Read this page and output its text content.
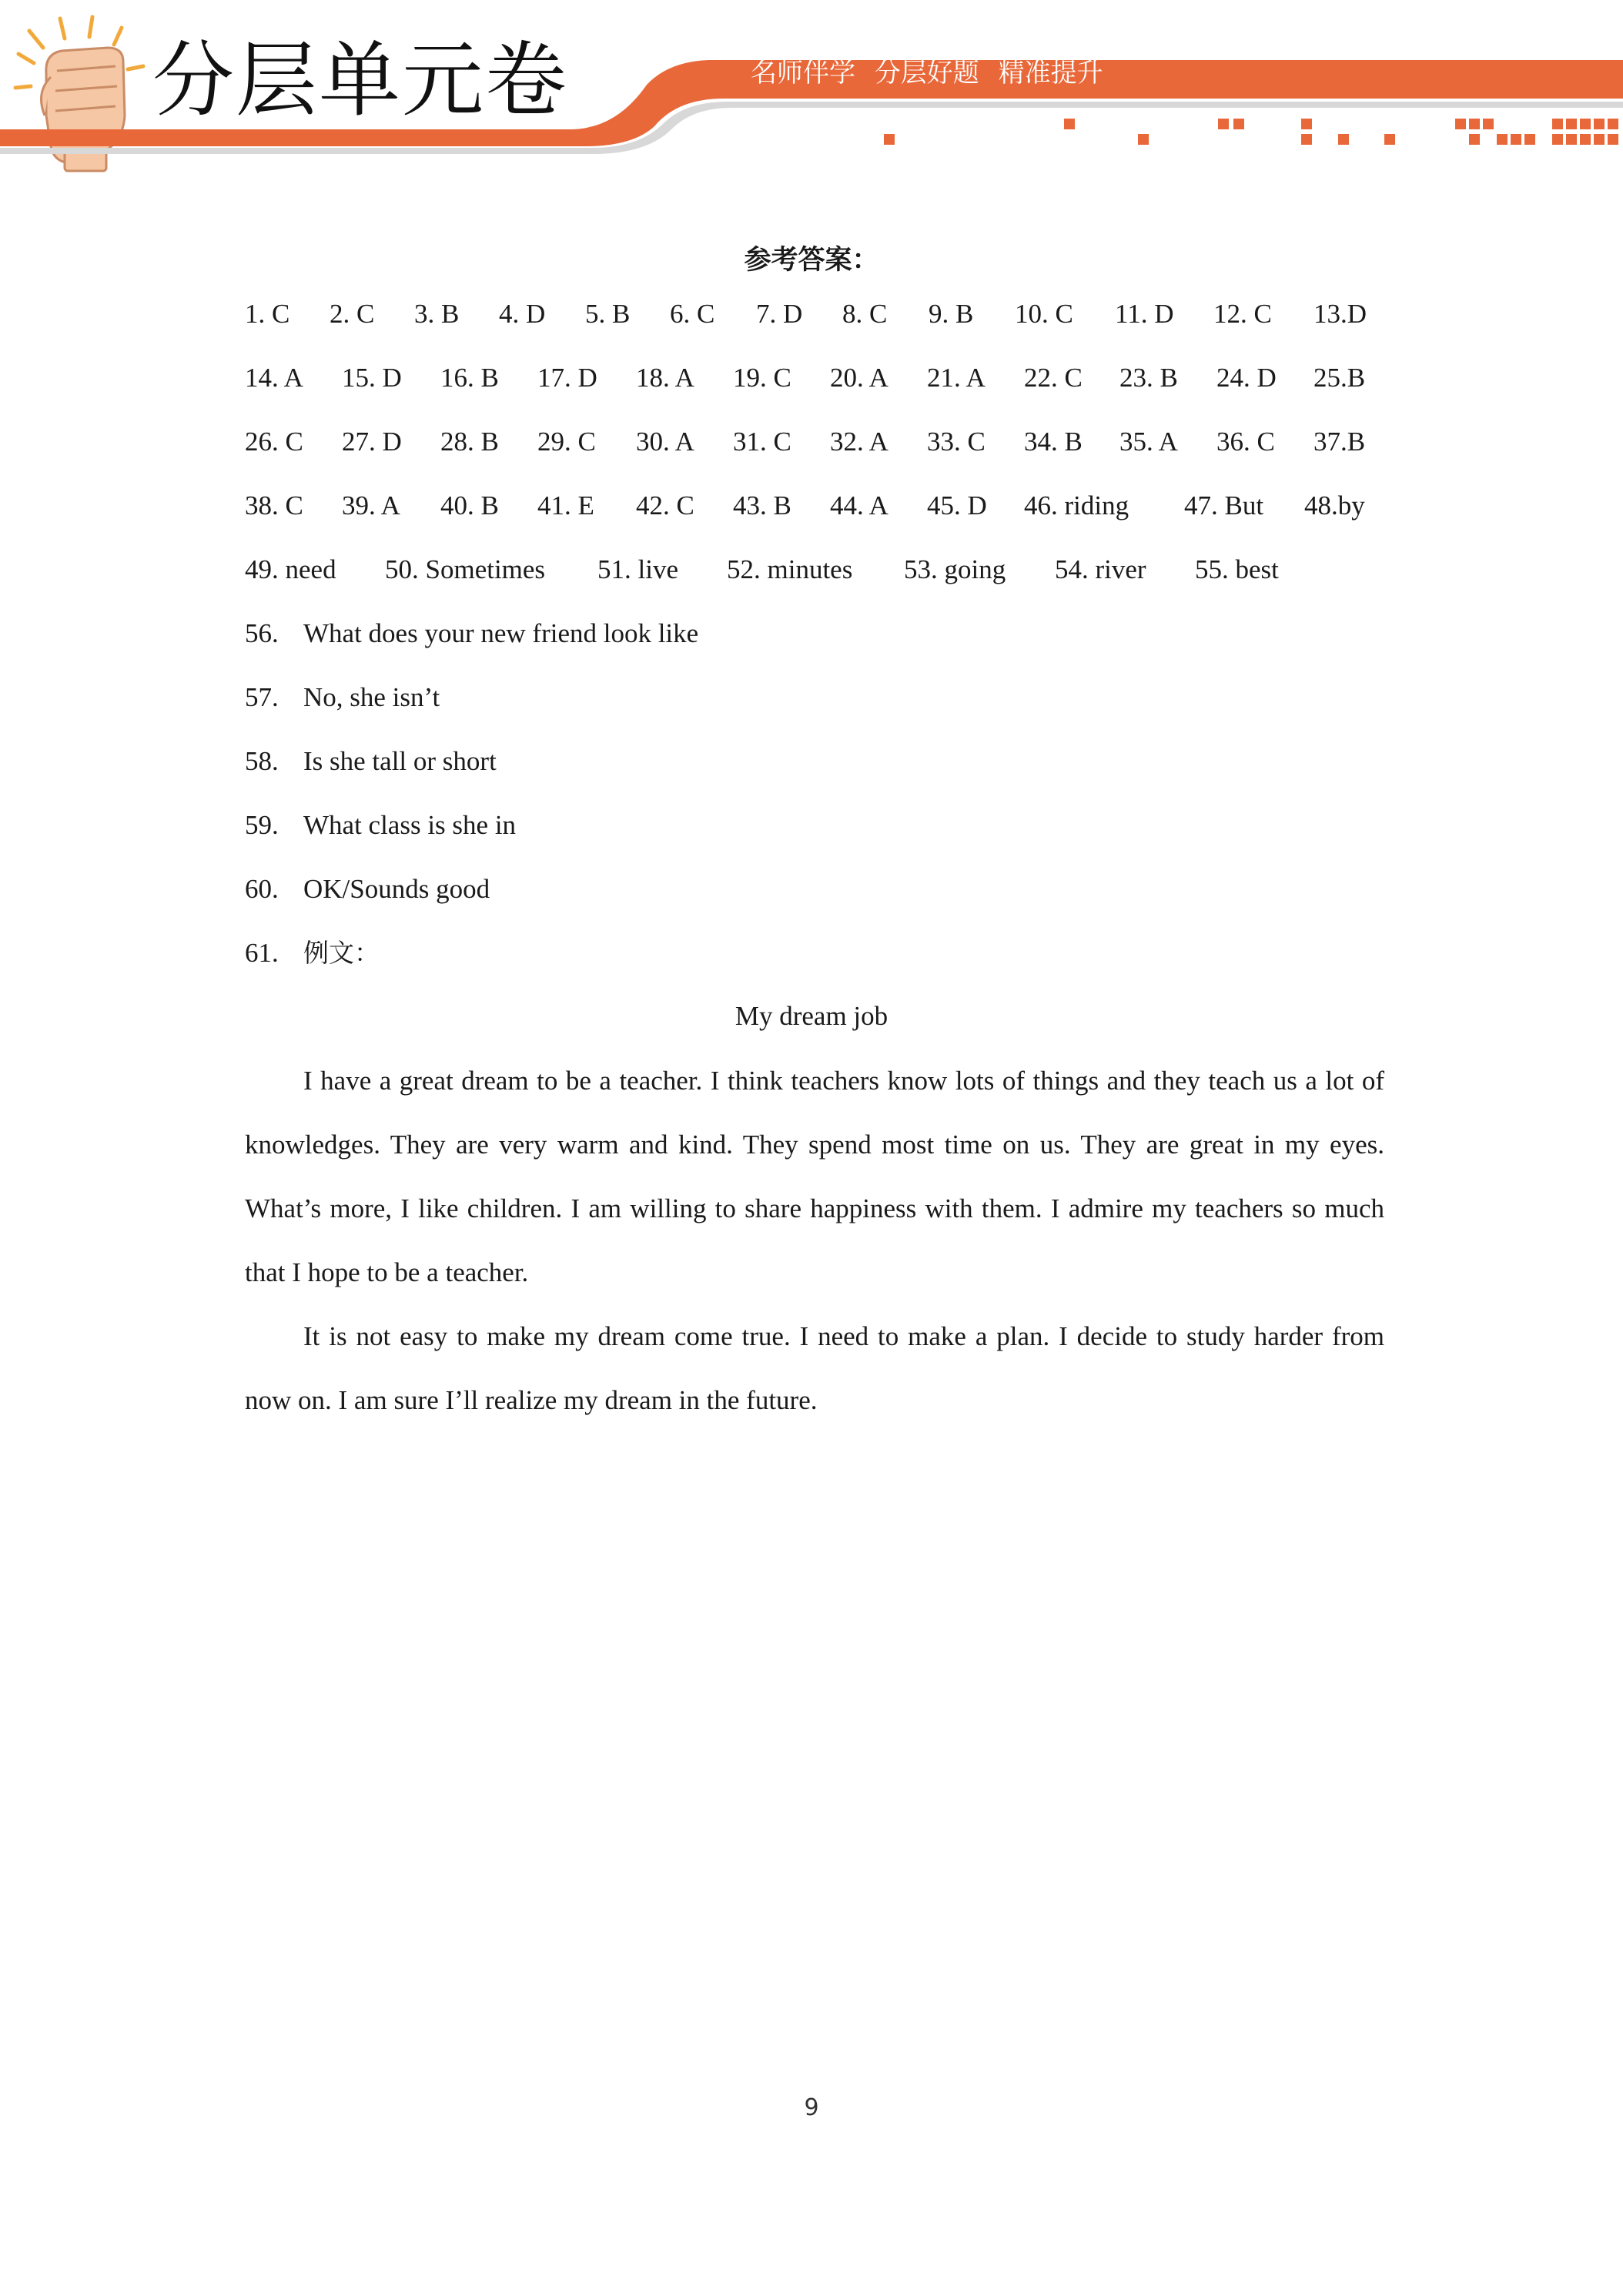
分层单元卷	名师伴学 分层好题 精准提升
参考答案：
1. C 2. C 3. B 4. D 5. B 6. C 7. D 8. C 9. B 10. C 11. D 12. C 13.D
14. A 15. D 16. B 17. D 18. A 19. C 20. A 21. A 22. C 23. B 24. D 25.B
26. C 27. D 28. B 29. C 30. A 31. C 32. A 33. C 34. B 35. A 36. C 37.B
38. C 39. A 40. B 41. E 42. C 43. B 44. A 45. D 46. riding 47. But 48.by
49. need 50. Sometimes 51. live 52. minutes 53. going 54. river 55. best
56. What does your new friend look like
57. No, she isn’t
58. Is she tall or short
59. What class is she in
60. OK/Sounds good
61. 例文：
My dream job

I have a great dream to be a teacher. I think teachers know lots of things and they teach us a lot of knowledges. They are very warm and kind. They spend most time on us. They are great in my eyes. What’s more, I like children. I am willing to share happiness with them. I admire my teachers so much that I hope to be a teacher.

It is not easy to make my dream come true. I need to make a plan. I decide to study harder from now on. I am sure I’ll realize my dream in the future.

9
